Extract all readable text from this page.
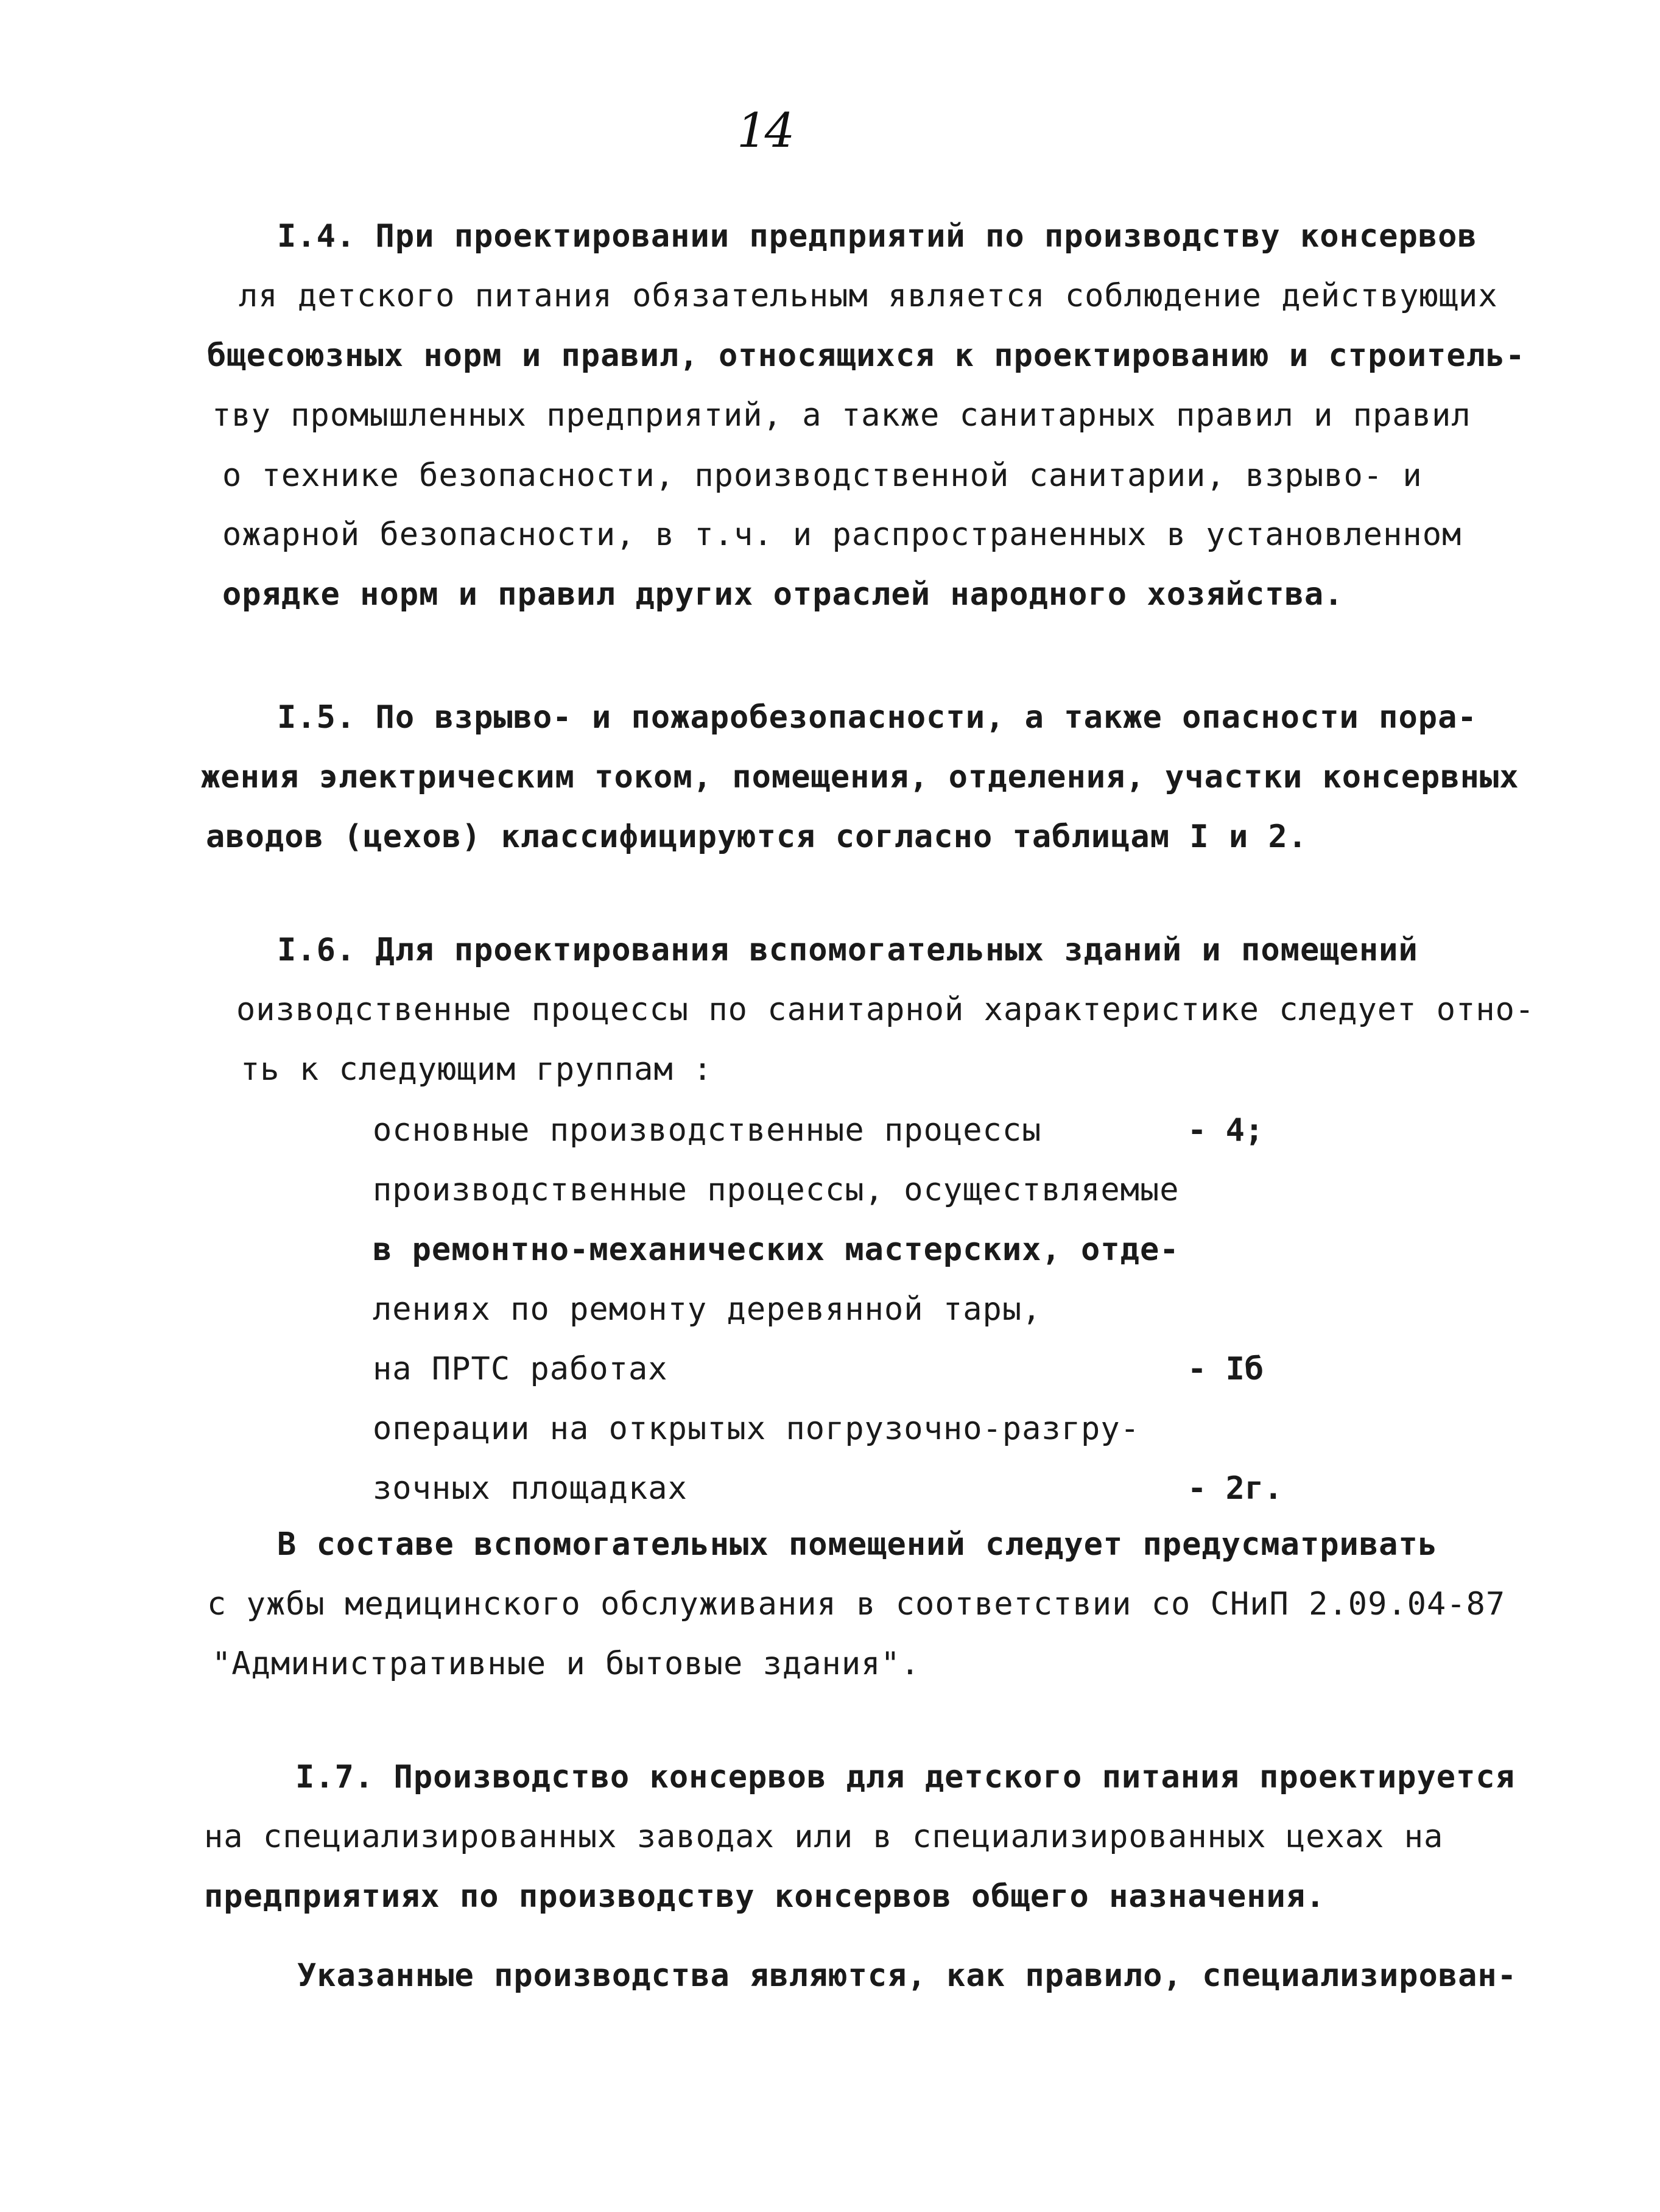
14
I.4. При проектировании предприятий по производству консервов
ля детского питания обязательным является соблюдение действующих
бщесоюзных норм и правил, относящихся к проектированию и строитель-
тву промышленных предприятий, а также санитарных правил и правил
о технике безопасности, производственной санитарии, взрыво- и
ожарной безопасности, в т.ч. и распространенных в установленном
орядке норм и правил других отраслей народного хозяйства.
I.5. По взрыво- и пожаробезопасности, а также опасности пора-
жения электрическим током, помещения, отделения, участки консервных
аводов (цехов) классифицируются согласно таблицам I и 2.
I.6. Для проектирования вспомогательных зданий и помещений
оизводственные процессы по санитарной характеристике следует отно-
ть к следующим группам :
основные производственные процессы
производственные процессы, осуществляемые
в ремонтно-механических мастерских, отде-
лениях по ремонту деревянной тары,
на ПРТС работах
операции на открытых погрузочно-разгру-
зочных площадках
- 4;
- Iб
- 2г.
В составе вспомогательных помещений следует предусматривать
с ужбы медицинского обслуживания в соответствии со СНиП 2.09.04-87
"Административные и бытовые здания".
I.7. Производство консервов для детского питания проектируется
на специализированных заводах или в специализированных цехах на
предприятиях по производству консервов общего назначения.
Указанные производства являются, как правило, специализирован-
